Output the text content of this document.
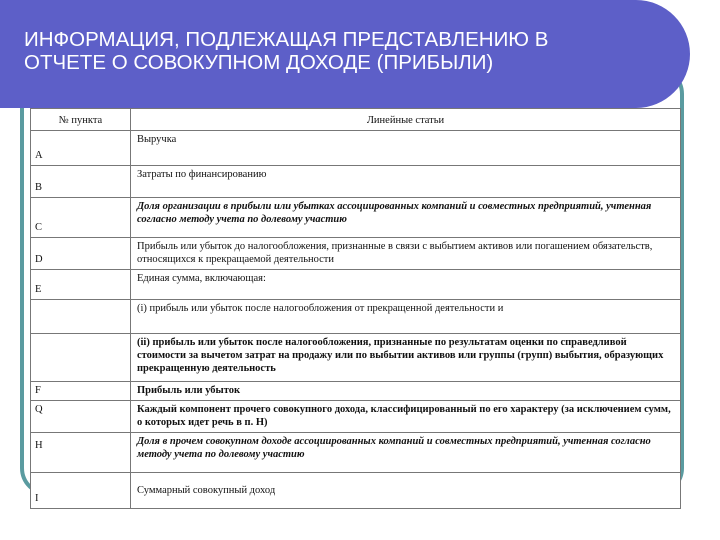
ИНФОРМАЦИЯ, ПОДЛЕЖАЩАЯ ПРЕДСТАВЛЕНИЮ В
ОТЧЕТЕ О СОВОКУПНОМ ДОХОДЕ (ПРИБЫЛИ)
№ пункта	Линейные статьи
A	Выручка
B	Затраты по финансированию
C	Доля организации в прибыли или убытках ассоциированных компаний и совместных предприятий, учтенная согласно методу учета по долевому участию
D	Прибыль или убыток до налогообложения, признанные в связи с выбытием активов или погашением обязательств, относящихся к прекращаемой деятельности
E	Единая сумма, включающая:
	(i) прибыль или убыток после налогообложения от прекращенной деятельности и
	(ii) прибыль или убыток после налогообложения, признанные по результатам оценки по справедливой стоимости за вычетом затрат на продажу или по выбытии активов или группы (групп) выбытия, образующих прекращенную деятельность
F	Прибыль или убыток
Q	Каждый компонент прочего совокупного дохода, классифицированный по его характеру (за исключением сумм, о которых идет речь в п. H)
H	Доля в прочем совокупном доходе ассоциированных компаний и совместных предприятий, учтенная согласно методу учета по долевому участию
I	Суммарный совокупный доход
